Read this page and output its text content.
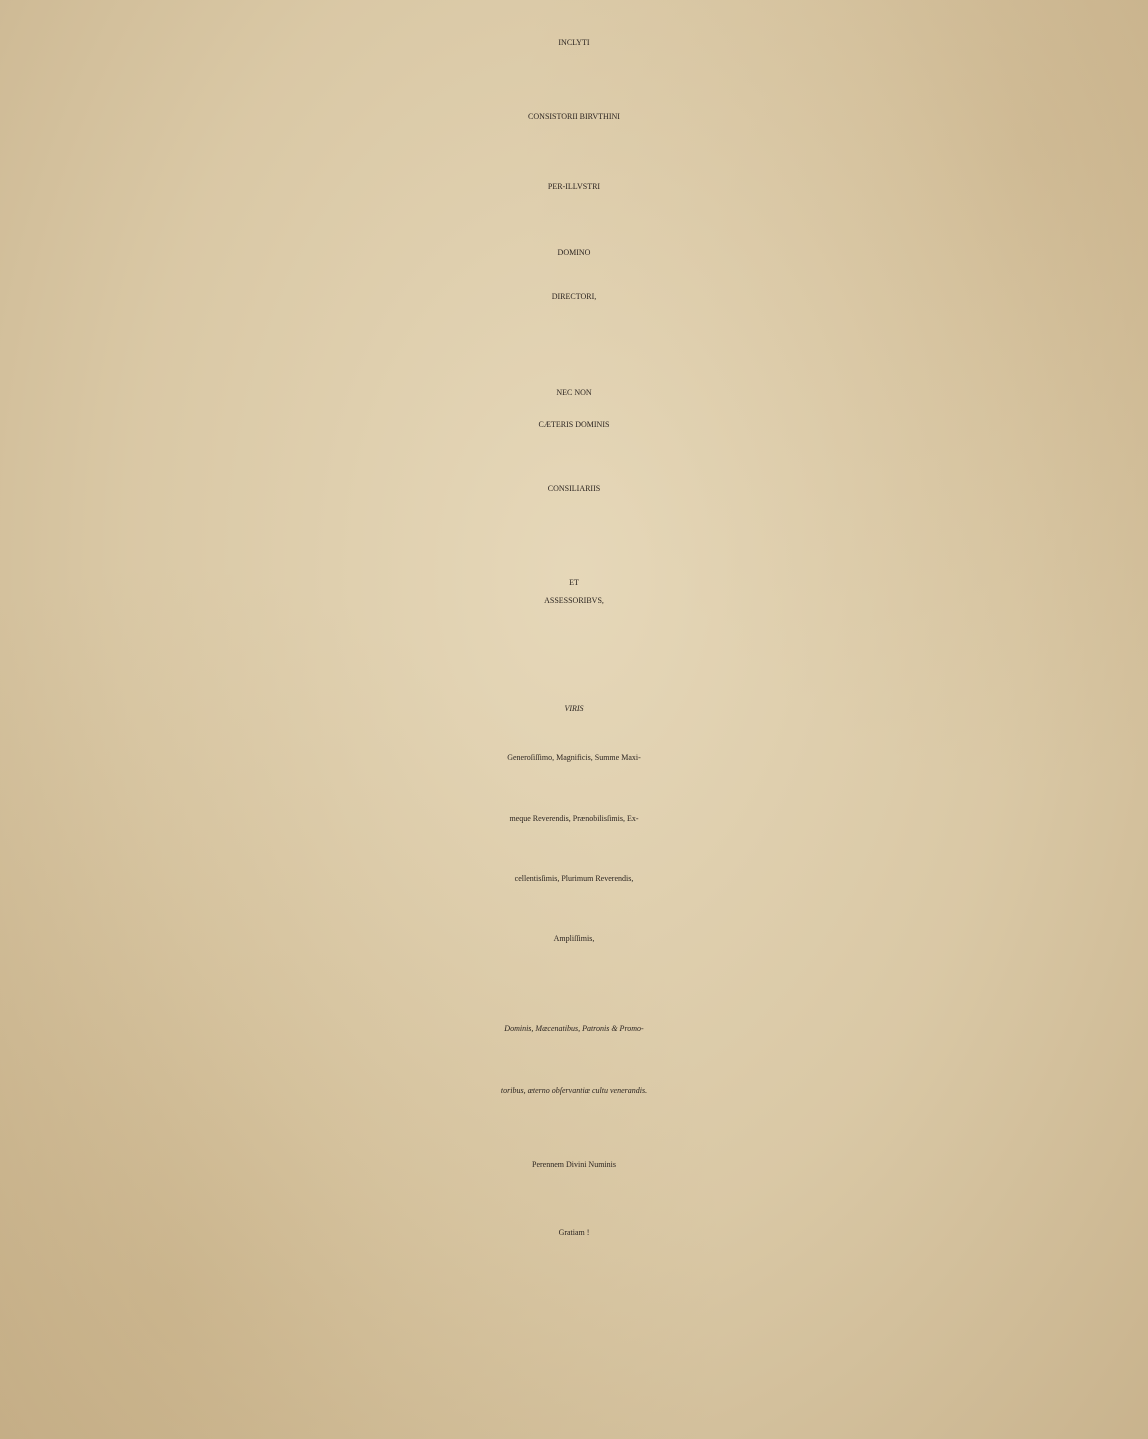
INCLYTI
CONSISTORII BIRVTHINI
PER-ILLVSTRI
DOMINO
DIRECTORI,
NEC NON
CÆTERIS DOMINIS
CONSILIARIIS
ET
ASSESSORIBVS,
VIRIS
Generoſiſſimo, Magnificis, Summe Maxi-
meque Reverendis, Prænobilisſimis, Ex-
cellentisſimis, Plurimum Reverendis,
Ampliſſimis,
Dominis, Mæcenatibus, Patronis & Promo-
toribus, æterno obſervantiæ cultu venerandis.
Perennem Divini Numinis
Gratiam !
